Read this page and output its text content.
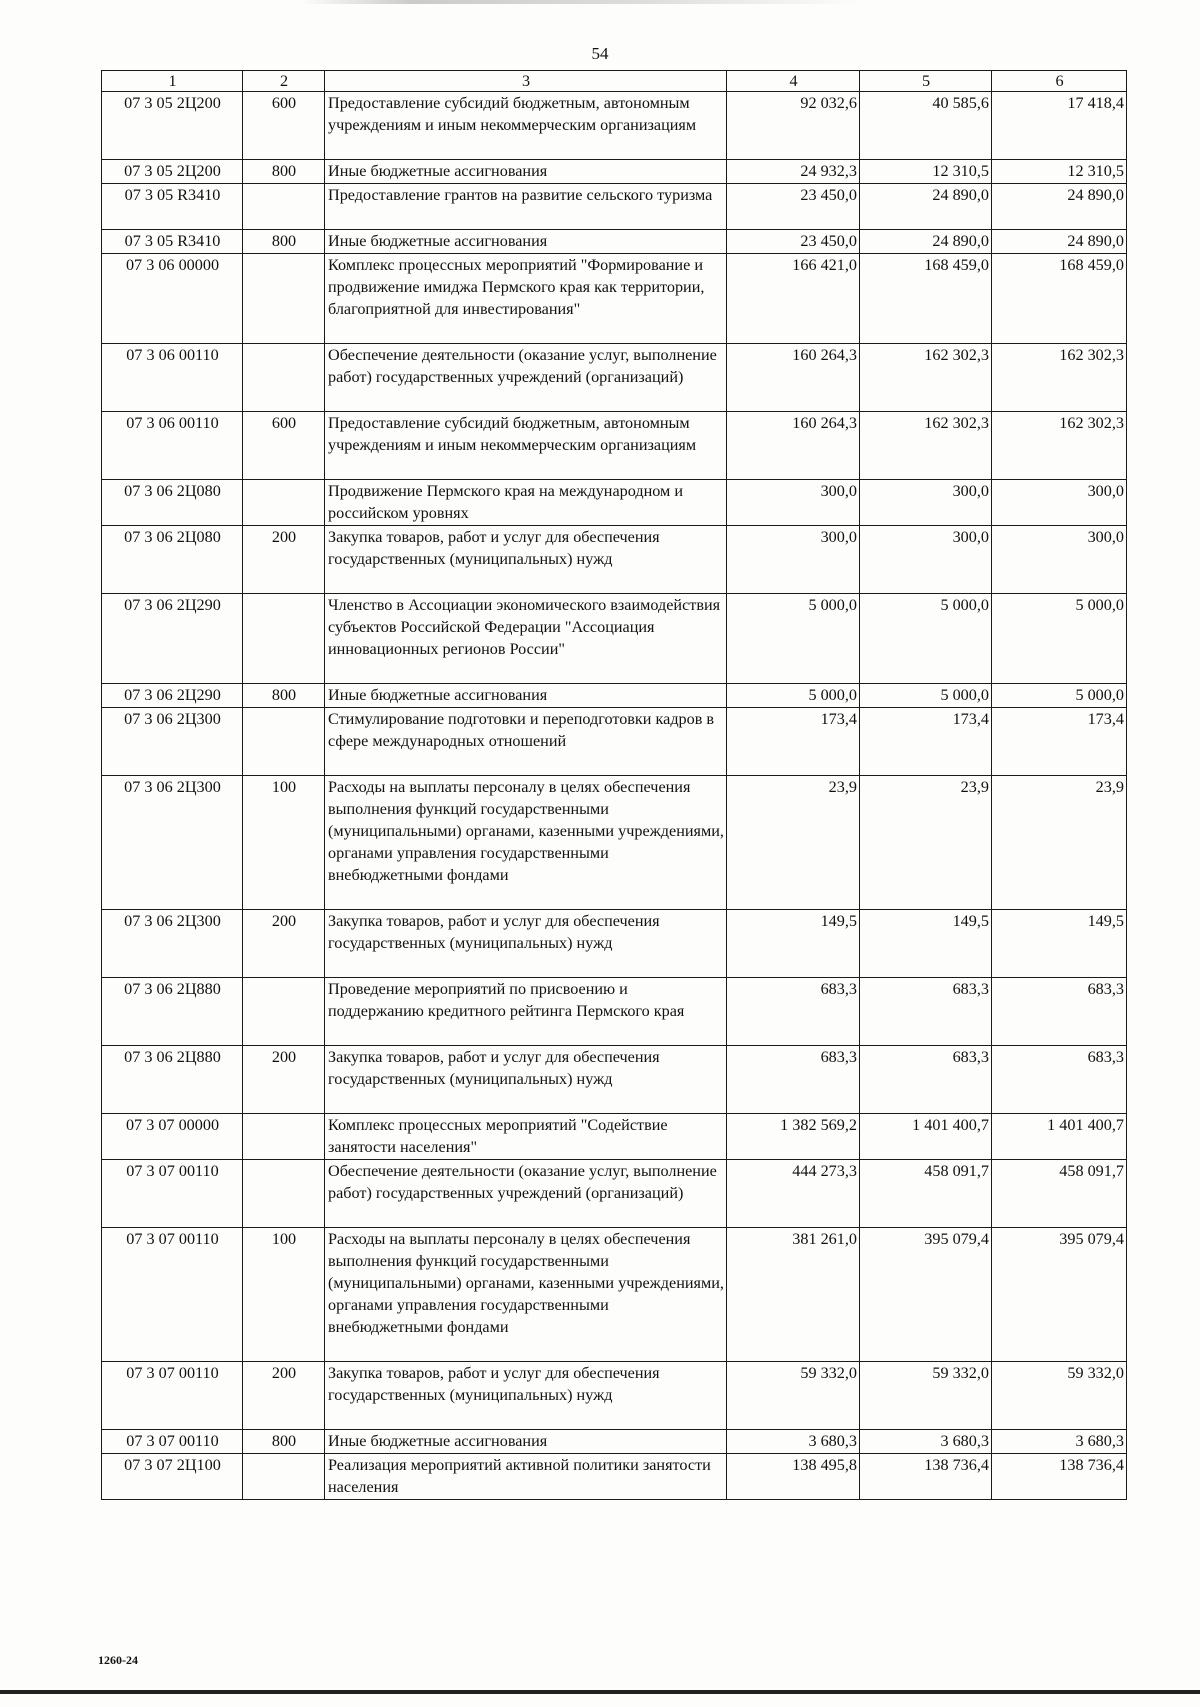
54
1	2	3	4	5	6
07 3 05 2Ц200	600	Предоставление субсидий бюджетным, автономным учреждениям и иным некоммерческим организациям	92 032,6	40 585,6	17 418,4
07 3 05 2Ц200	800	Иные бюджетные ассигнования	24 932,3	12 310,5	12 310,5
07 3 05 R3410		Предоставление грантов на развитие сельского туризма	23 450,0	24 890,0	24 890,0
07 3 05 R3410	800	Иные бюджетные ассигнования	23 450,0	24 890,0	24 890,0
07 3 06 00000		Комплекс процессных мероприятий "Формирование и продвижение имиджа Пермского края как территории, благоприятной для инвестирования"	166 421,0	168 459,0	168 459,0
07 3 06 00110		Обеспечение деятельности (оказание услуг, выполнение работ) государственных учреждений (организаций)	160 264,3	162 302,3	162 302,3
07 3 06 00110	600	Предоставление субсидий бюджетным, автономным учреждениям и иным некоммерческим организациям	160 264,3	162 302,3	162 302,3
07 3 06 2Ц080		Продвижение Пермского края на международном и российском уровнях	300,0	300,0	300,0
07 3 06 2Ц080	200	Закупка товаров, работ и услуг для обеспечения государственных (муниципальных) нужд	300,0	300,0	300,0
07 3 06 2Ц290		Членство в Ассоциации экономического взаимодействия субъектов Российской Федерации "Ассоциация инновационных регионов России"	5 000,0	5 000,0	5 000,0
07 3 06 2Ц290	800	Иные бюджетные ассигнования	5 000,0	5 000,0	5 000,0
07 3 06 2Ц300		Стимулирование подготовки и переподготовки кадров в сфере международных отношений	173,4	173,4	173,4
07 3 06 2Ц300	100	Расходы на выплаты персоналу в целях обеспечения выполнения функций государственными (муниципальными) органами, казенными учреждениями, органами управления государственными внебюджетными фондами	23,9	23,9	23,9
07 3 06 2Ц300	200	Закупка товаров, работ и услуг для обеспечения государственных (муниципальных) нужд	149,5	149,5	149,5
07 3 06 2Ц880		Проведение мероприятий по присвоению и поддержанию кредитного рейтинга Пермского края	683,3	683,3	683,3
07 3 06 2Ц880	200	Закупка товаров, работ и услуг для обеспечения государственных (муниципальных) нужд	683,3	683,3	683,3
07 3 07 00000		Комплекс процессных мероприятий "Содействие занятости населения"	1 382 569,2	1 401 400,7	1 401 400,7
07 3 07 00110		Обеспечение деятельности (оказание услуг, выполнение работ) государственных учреждений (организаций)	444 273,3	458 091,7	458 091,7
07 3 07 00110	100	Расходы на выплаты персоналу в целях обеспечения выполнения функций государственными (муниципальными) органами, казенными учреждениями, органами управления государственными внебюджетными фондами	381 261,0	395 079,4	395 079,4
07 3 07 00110	200	Закупка товаров, работ и услуг для обеспечения государственных (муниципальных) нужд	59 332,0	59 332,0	59 332,0
07 3 07 00110	800	Иные бюджетные ассигнования	3 680,3	3 680,3	3 680,3
07 3 07 2Ц100		Реализация мероприятий активной политики занятости населения	138 495,8	138 736,4	138 736,4
1260-24
